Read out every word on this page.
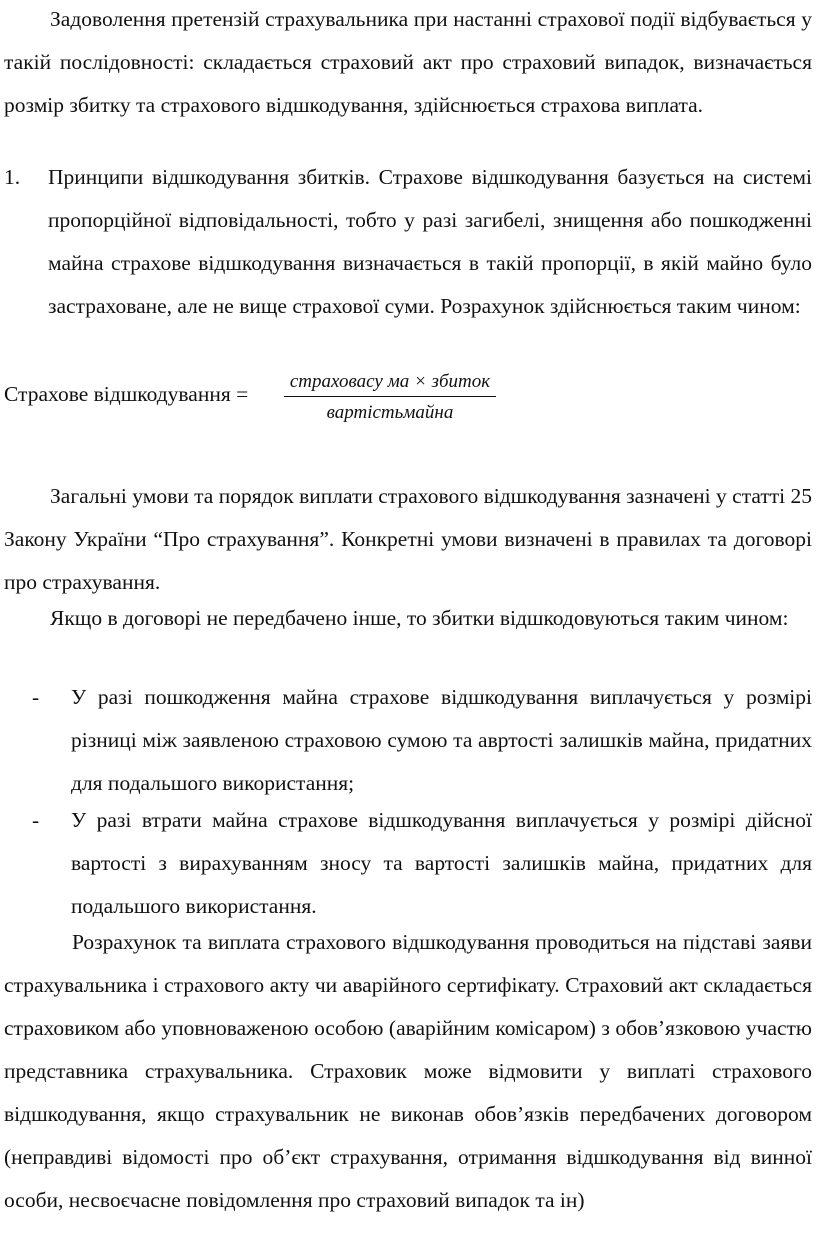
Задоволення претензій страхувальника при настанні страхової події відбувається у такій послідовності: складається страховий акт про страховий випадок, визначається розмір збитку та страхового відшкодування, здійснюється страхова виплата.

1. Принципи відшкодування збитків. Страхове відшкодування базується на системі пропорційної відповідальності, тобто у разі загибелі, знищення або пошкодженні майна страхове відшкодування визначається в такій пропорції, в якій майно було застраховане, але не вище страхової суми. Розрахунок здійснюється таким чином:

Страхове відшкодування =
страховасу ма × збиток
вартістьмайна

Загальні умови та порядок виплати страхового відшкодування зазначені у статті 25 Закону України “Про страхування”. Конкретні умови визначені в правилах та договорі про страхування.

Якщо в договорі не передбачено інше, то збитки відшкодовуються таким чином:

- У разі пошкодження майна страхове відшкодування виплачується у розмірі різниці між заявленою страховою сумою та авртості залишків майна, придатних для подальшого використання;

- У разі втрати майна страхове відшкодування виплачується у розмірі дійсної вартості з вирахуванням зносу та вартості залишків майна, придатних для подальшого використання.

Розрахунок та виплата страхового відшкодування проводиться на підставі заяви страхувальника і страхового акту чи аварійного сертифікату. Страховий акт складається страховиком або уповноваженою особою (аварійним комісаром) з обов’язковою участю представника страхувальника. Страховик може відмовити у виплаті страхового відшкодування, якщо страхувальник не виконав обов’язків передбачених договором (неправдиві відомості про об’єкт страхування, отримання відшкодування від винної особи, несвоєчасне повідомлення про страховий випадок та ін)
